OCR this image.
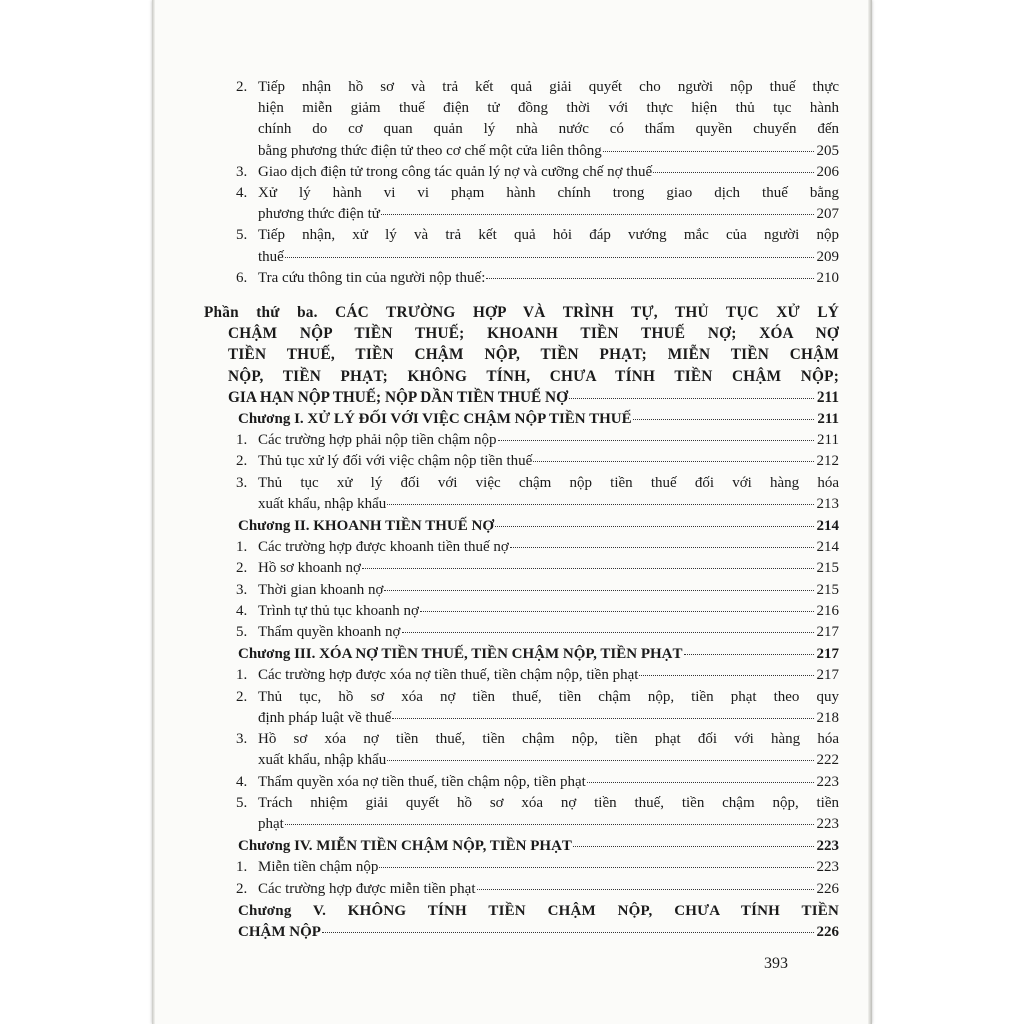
2. Tiếp nhận hồ sơ và trả kết quả giải quyết cho người nộp thuế thực
hiện miễn giảm thuế điện tử đồng thời với thực hiện thủ tục hành
chính do cơ quan quản lý nhà nước có thẩm quyền chuyển đến
bằng phương thức điện tử theo cơ chế một cửa liên thông	205
3. Giao dịch điện tử trong công tác quản lý nợ và cưỡng chế nợ thuế	206
4. Xử lý hành vi vi phạm hành chính trong giao dịch thuế bằng
phương thức điện tử	207
5. Tiếp nhận, xử lý và trả kết quả hỏi đáp vướng mắc của người nộp
thuế	209
6. Tra cứu thông tin của người nộp thuế:	210
Phần thứ ba. CÁC TRƯỜNG HỢP VÀ TRÌNH TỰ, THỦ TỤC XỬ LÝ
CHẬM NỘP TIỀN THUẾ; KHOANH TIỀN THUẾ NỢ; XÓA NỢ
TIỀN THUẾ, TIỀN CHẬM NỘP, TIỀN PHẠT; MIỄN TIỀN CHẬM
NỘP, TIỀN PHẠT; KHÔNG TÍNH, CHƯA TÍNH TIỀN CHẬM NỘP;
GIA HẠN NỘP THUẾ; NỘP DẦN TIỀN THUẾ NỢ	211
Chương I. XỬ LÝ ĐỐI VỚI VIỆC CHẬM NỘP TIỀN THUẾ	211
1. Các trường hợp phải nộp tiền chậm nộp	211
2. Thủ tục xử lý đối với việc chậm nộp tiền thuế	212
3. Thủ tục xử lý đối với việc chậm nộp tiền thuế đối với hàng hóa
xuất khẩu, nhập khẩu	213
Chương II. KHOANH TIỀN THUẾ NỢ	214
1. Các trường hợp được khoanh tiền thuế nợ	214
2. Hồ sơ khoanh nợ	215
3. Thời gian khoanh nợ	215
4. Trình tự thủ tục khoanh nợ	216
5. Thẩm quyền khoanh nợ	217
Chương III. XÓA NỢ TIỀN THUẾ, TIỀN CHẬM NỘP, TIỀN PHẠT	217
1. Các trường hợp được xóa nợ tiền thuế, tiền chậm nộp, tiền phạt	217
2. Thủ tục, hồ sơ xóa nợ tiền thuế, tiền chậm nộp, tiền phạt theo quy
định pháp luật về thuế	218
3. Hồ sơ xóa nợ tiền thuế, tiền chậm nộp, tiền phạt đối với hàng hóa
xuất khẩu, nhập khẩu	222
4. Thẩm quyền xóa nợ tiền thuế, tiền chậm nộp, tiền phạt	223
5. Trách nhiệm giải quyết hồ sơ xóa nợ tiền thuế, tiền chậm nộp, tiền
phạt	223
Chương IV. MIỄN TIỀN CHẬM NỘP, TIỀN PHẠT	223
1. Miễn tiền chậm nộp	223
2. Các trường hợp được miễn tiền phạt	226
Chương V. KHÔNG TÍNH TIỀN CHẬM NỘP, CHƯA TÍNH TIỀN
CHẬM NỘP	226
393
